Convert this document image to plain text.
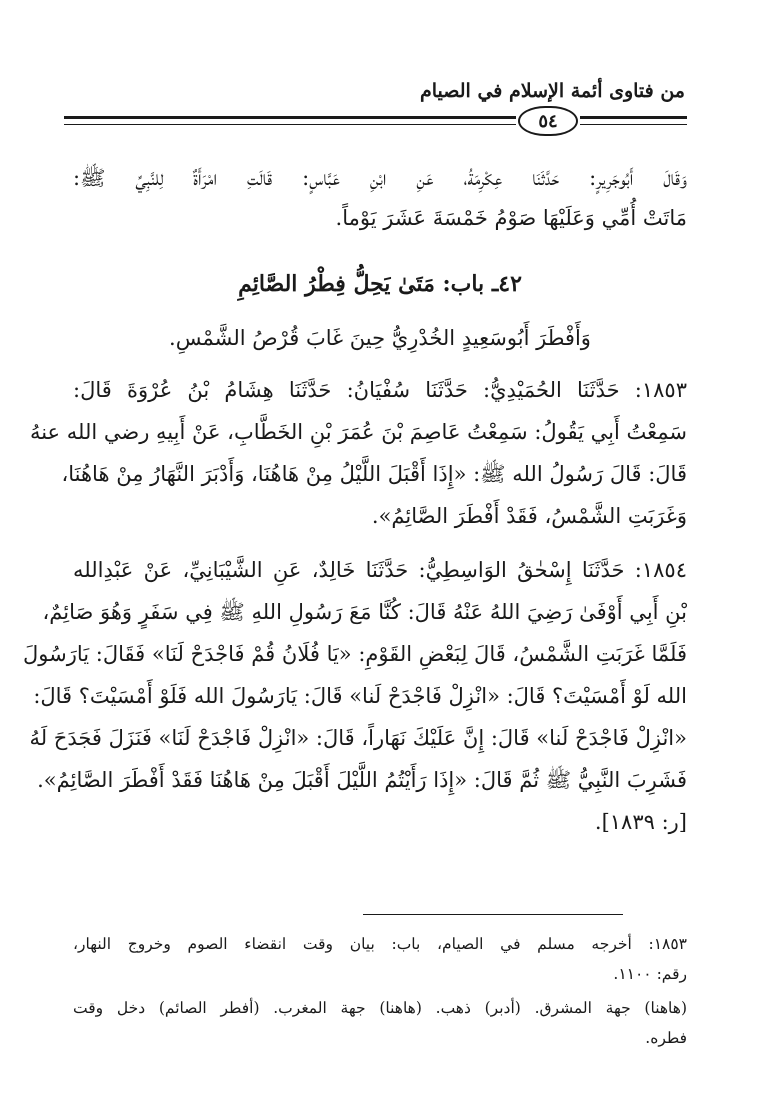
من فتاوى أئمة الإسلام في الصيام
٥٤
وَقَالَ أَبُوجَرِيرٍ: حَدَّثَنَا عِكْرِمَةُ، عَنِ ابْنِ عَبَّاسٍ: قَالَتِ امْرَأَةٌ لِلنَّبِيِّ ﷺ:
مَاتَتْ أُمِّي وَعَلَيْهَا صَوْمُ خَمْسَةَ عَشَرَ يَوْماً.
٤٢ـ باب: مَتَىٰ يَحِلُّ فِطْرُ الصَّائِمِ
وَأَفْطَرَ أَبُوسَعِيدٍ الخُدْرِيُّ حِينَ غَابَ قُرْصُ الشَّمْسِ.
١٨٥٣: حَدَّثَنَا الحُمَيْدِيُّ: حَدَّثَنَا سُفْيَانُ: حَدَّثَنَا هِشَامُ بْنُ عُرْوَةَ قَالَ:
سَمِعْتُ أَبِي يَقُولُ: سَمِعْتُ عَاصِمَ بْنَ عُمَرَ بْنِ الخَطَّابِ، عَنْ أَبِيهِ رضي الله عنهُ
قَالَ: قَالَ رَسُولُ الله ﷺ: «إِذَا أَقْبَلَ اللَّيْلُ مِنْ هَاهُنَا، وَأَدْبَرَ النَّهَارُ مِنْ هَاهُنَا،
وَغَرَبَتِ الشَّمْسُ، فَقَدْ أَفْطَرَ الصَّائِمُ».
١٨٥٤: حَدَّثَنَا إِسْحٰقُ الوَاسِطِيُّ: حَدَّثَنَا خَالِدٌ، عَنِ الشَّيْبَانِيِّ، عَنْ عَبْدِالله
بْنِ أَبِي أَوْفَىٰ رَضِيَ اللهُ عَنْهُ قَالَ: كُنَّا مَعَ رَسُولِ اللهِ ﷺ فِي سَفَرٍ وَهُوَ صَائِمٌ،
فَلَمَّا غَرَبَتِ الشَّمْسُ، قَالَ لِبَعْضِ القَوْمِ: «يَا فُلَانُ قُمْ فَاجْدَحْ لَنَا» فَقَالَ: يَارَسُولَ
الله لَوْ أَمْسَيْتَ؟ قَالَ: «انْزِلْ فَاجْدَحْ لَنا» قَالَ: يَارَسُولَ الله فَلَوْ أَمْسَيْتَ؟ قَالَ:
«انْزِلْ فَاجْدَحْ لَنا» قَالَ: إِنَّ عَلَيْكَ نَهَاراً، قَالَ: «انْزِلْ فَاجْدَحْ لَنَا» فَنَزَلَ فَجَدَحَ لَهُ
فَشَرِبَ النَّبِيُّ ﷺ ثُمَّ قَالَ: «إِذَا رَأَيْتُمُ اللَّيْلَ أَقْبَلَ مِنْ هَاهُنَا فَقَدْ أَفْطَرَ الصَّائِمُ».
[ر: ١٨٣٩].
١٨٥٣: أخرجه مسلم في الصيام، باب: بيان وقت انقضاء الصوم وخروج النهار،
رقم: ١١٠٠.
(هاهنا) جهة المشرق. (أدبر) ذهب. (هاهنا) جهة المغرب. (أفطر الصائم) دخل وقت
فطره.
